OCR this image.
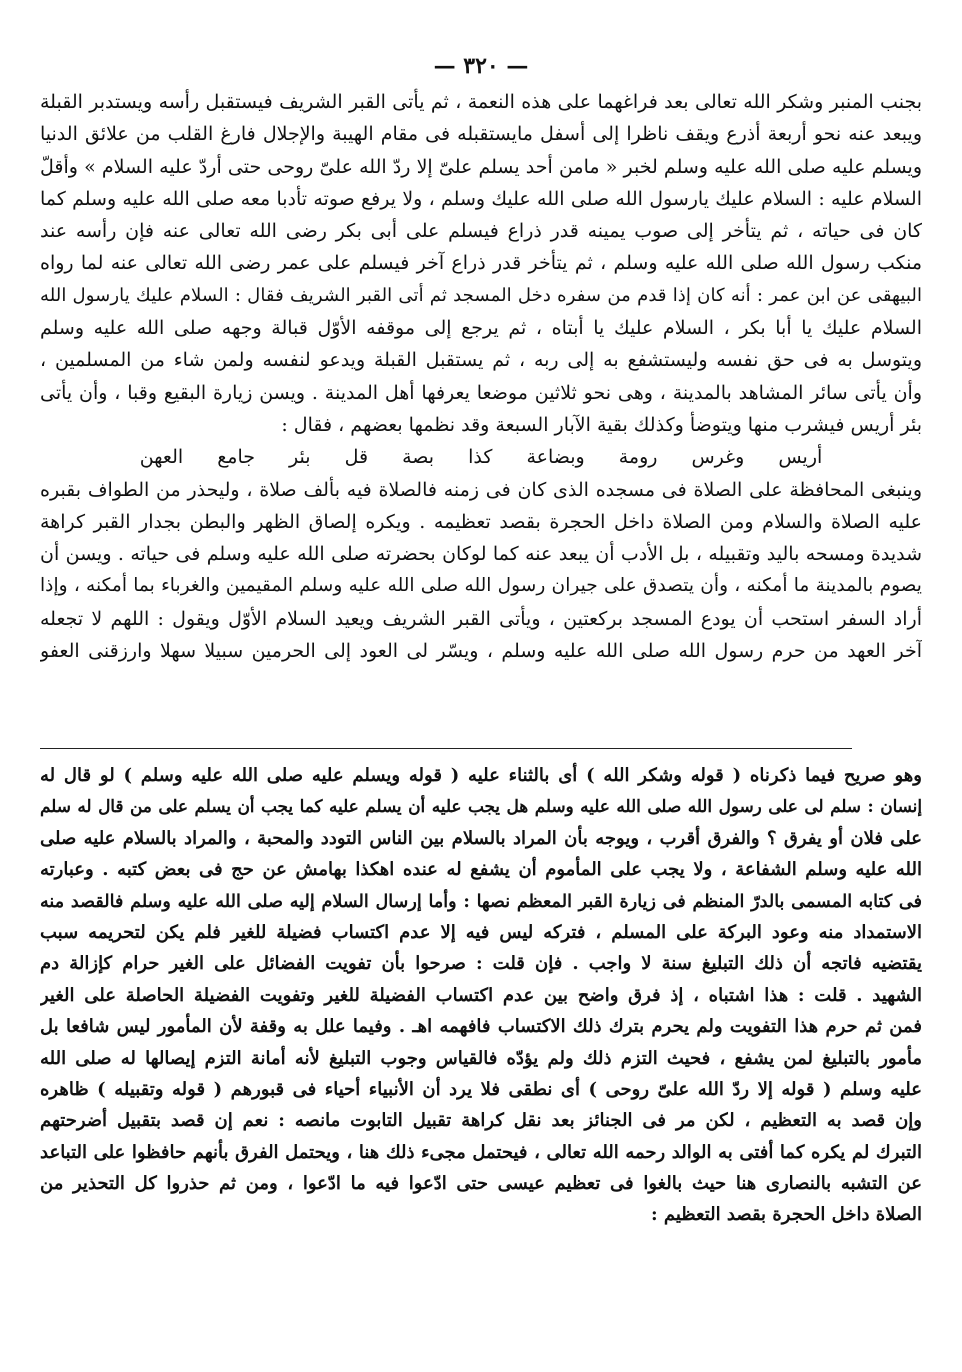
— ٣٢٠ —
بجنب المنبر وشكر الله تعالى بعد فراغهما على هذه النعمة ، ثم يأتى القبر الشريف فيستقبل رأسه ويستدبر القبلة
ويبعد عنه نحو أربعة أذرع ويقف ناظرا إلى أسفل مايستقبله فى مقام الهيبة والإجلال فارغ القلب من علائق الدنيا
ويسلم عليه صلى الله عليه وسلم لخبر « مامن أحد يسلم علىّ إلا ردّ الله علىّ روحى حتى أردّ عليه السلام » وأقلّ
السلام عليه : السلام عليك يارسول الله صلى الله عليك وسلم ، ولا يرفع صوته تأدبا معه صلى الله عليه وسلم كما
كان فى حياته ، ثم يتأخر إلى صوب يمينه قدر ذراع فيسلم على أبى بكر رضى الله تعالى عنه فإن رأسه عند
منكب رسول الله صلى الله عليه وسلم ، ثم يتأخر قدر ذراع آخر فيسلم على عمر رضى الله تعالى عنه لما رواه
البيهقى عن ابن عمر : أنه كان إذا قدم من سفره دخل المسجد ثم أتى القبر الشريف فقال : السلام عليك يارسول الله
السلام عليك يا أبا بكر ، السلام عليك يا أبتاه ، ثم يرجع إلى موقفه الأوّل قبالة وجهه صلى الله عليه وسلم
ويتوسل به فى حق نفسه وليستشفع به إلى ربه ، ثم يستقبل القبلة ويدعو لنفسه ولمن شاء من المسلمين ،
وأن يأتى سائر المشاهد بالمدينة ، وهى نحو ثلاثين موضعا يعرفها أهل المدينة . ويسن زيارة البقيع وقبا ، وأن يأتى
بئر أريس فيشرب منها ويتوضأ وكذلك بقية الآبار السبعة وقد نظمها بعضهم ، فقال :
أريس وغرس رومة وبضاعة كذا بصة قل بئر جامع العهن
وينبغى المحافظة على الصلاة فى مسجده الذى كان فى زمنه فالصلاة فيه بألف صلاة ، وليحذر من الطواف بقبره
عليه الصلاة والسلام ومن الصلاة داخل الحجرة بقصد تعظيمه . ويكره إلصاق الظهر والبطن بجدار القبر كراهة
شديدة ومسحه باليد وتقبيله ، بل الأدب أن يبعد عنه كما لوكان بحضرته صلى الله عليه وسلم فى حياته . ويسن أن
يصوم بالمدينة ما أمكنه ، وأن يتصدق على جيران رسول الله صلى الله عليه وسلم المقيمين والغرباء بما أمكنه ، وإذا
أراد السفر استحب أن يودع المسجد بركعتين ، ويأتى القبر الشريف ويعيد السلام الأوّل ويقول : اللهم لا تجعله
آخر العهد من حرم رسول الله صلى الله عليه وسلم ، ويسّر لى العود إلى الحرمين سبيلا سهلا وارزقنى العفو
وهو صريح فيما ذكرناه ( قوله وشكر الله ) أى بالثناء عليه ( قوله ويسلم عليه صلى الله عليه وسلم ) لو قال له
إنسان : سلم لى على رسول الله صلى الله عليه وسلم هل يجب عليه أن يسلم عليه كما يجب أن يسلم على من قال له سلم
على فلان أو يفرق ؟ والفرق أقرب ، ويوجه بأن المراد بالسلام بين الناس التودد والمحبة ، والمراد بالسلام عليه صلى
الله عليه وسلم الشفاعة ، ولا يجب على المأموم أن يشفع له عنده اهكذا بهامش عن حج فى بعض كتبه . وعبارته
فى كتابه المسمى بالدرّ المنظم فى زيارة القبر المعظم نصها : وأما إرسال السلام إليه صلى الله عليه وسلم فالقصد منه
الاستمداد منه وعود البركة على المسلم ، فتركه ليس فيه إلا عدم اكتساب فضيلة للغير فلم يكن لتحريمه سبب
يقتضيه فاتجه أن ذلك التبليغ سنة لا واجب . فإن قلت : صرحوا بأن تفويت الفضائل على الغير حرام كإزالة دم
الشهيد . قلت : هذا اشتباه ، إذ فرق واضح بين عدم اكتساب الفضيلة للغير وتفويت الفضيلة الحاصلة على الغير
فمن ثم حرم هذا التفويت ولم يحرم بترك ذلك الاكتساب فافهمه اهـ . وفيما علل به وقفة لأن المأمور ليس شافعا بل
مأمور بالتبليغ لمن يشفع ، فحيث التزم ذلك ولم يؤدّه فالقياس وجوب التبليغ لأنه أمانة التزم إيصالها له صلى الله
عليه وسلم ( قوله إلا ردّ الله علىّ روحى ) أى نطقى فلا يرد أن الأنبياء أحياء فى قبورهم ( قوله وتقبيله ) ظاهره
وإن قصد به التعظيم ، لكن مر فى الجنائز بعد نقل كراهة تقبيل التابوت مانصه : نعم إن قصد بتقبيل أضرحتهم
التبرك لم يكره كما أفتى به الوالد رحمه الله تعالى ، فيحتمل مجىء ذلك هنا ، ويحتمل الفرق بأنهم حافظوا على التباعد
عن التشبه بالنصارى هنا حيث بالغوا فى تعظيم عيسى حتى ادّعوا فيه ما ادّعوا ، ومن ثم حذروا كل التحذير من
الصلاة داخل الحجرة بقصد التعظيم :
